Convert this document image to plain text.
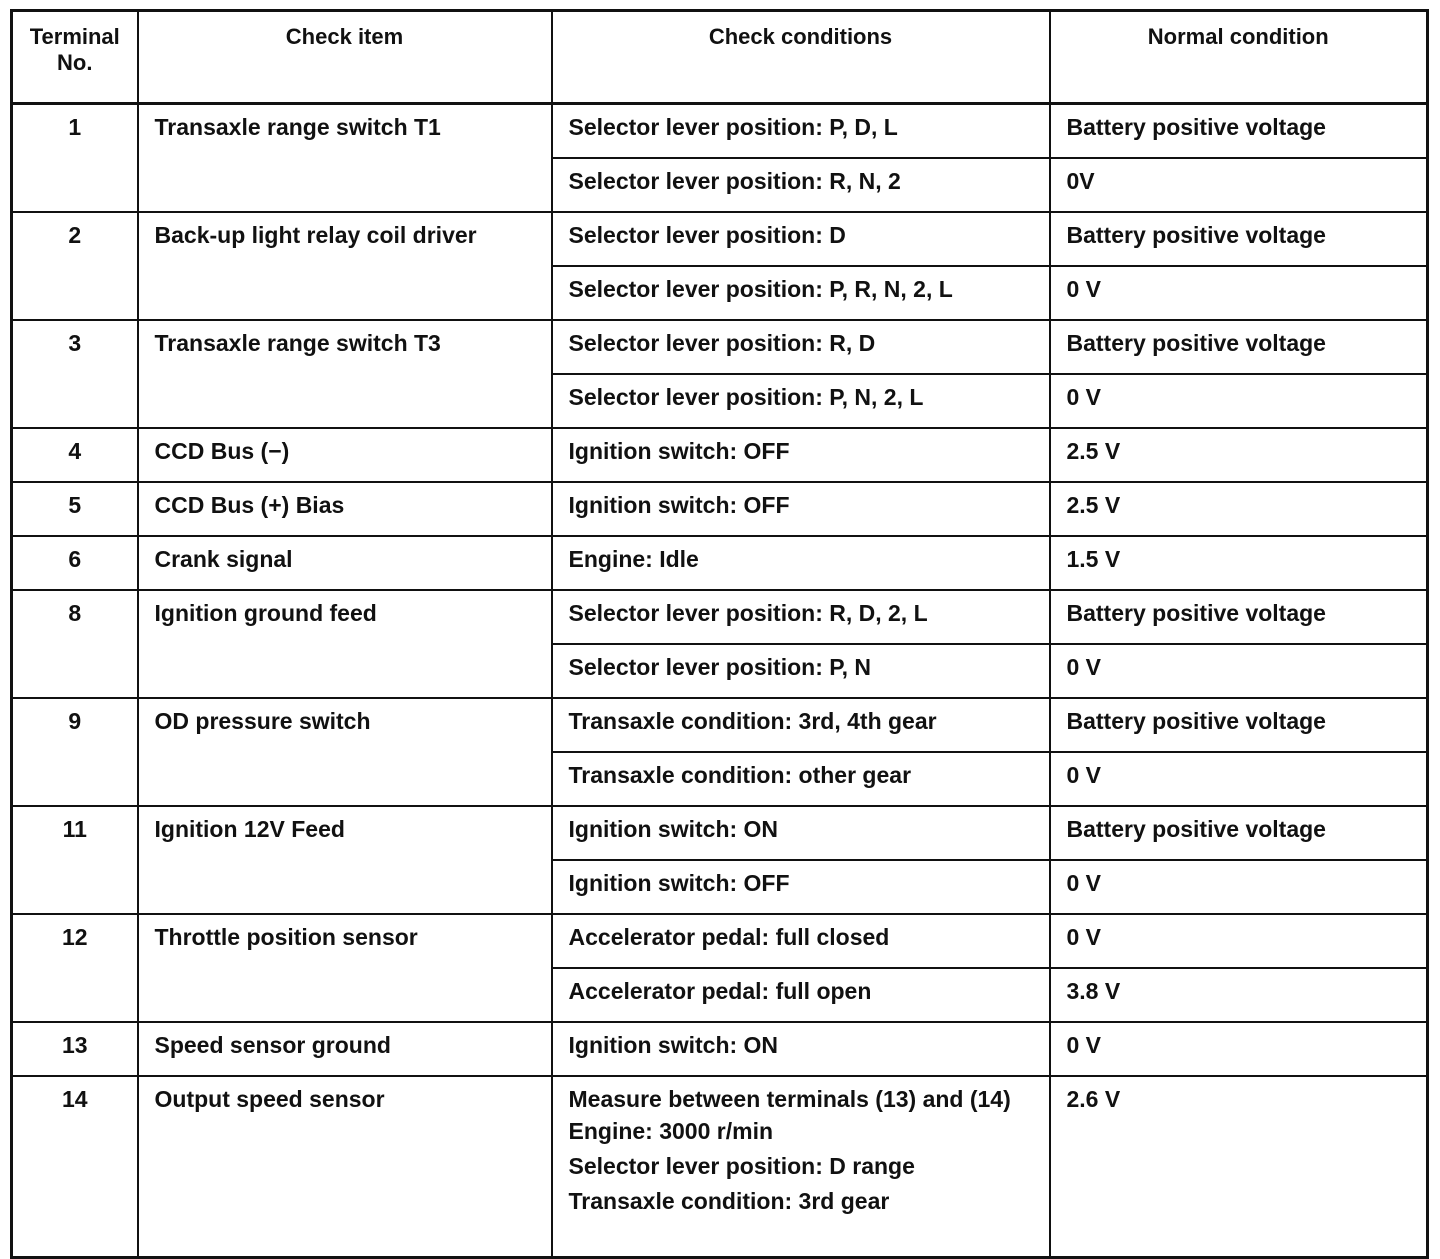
Terminal
No.	Check item	Check conditions	Normal condition
1	Transaxle range switch T1	Selector lever position: P, D, L	Battery positive voltage
		Selector lever position: R, N, 2	0V
2	Back-up light relay coil driver	Selector lever position: D	Battery positive voltage
		Selector lever position: P, R, N, 2, L	0 V
3	Transaxle range switch T3	Selector lever position: R, D	Battery positive voltage
		Selector lever position: P, N, 2, L	0 V
4	CCD Bus (−)	Ignition switch: OFF	2.5 V
5	CCD Bus (+) Bias	Ignition switch: OFF	2.5 V
6	Crank signal	Engine: Idle	1.5 V
8	Ignition ground feed	Selector lever position: R, D, 2, L	Battery positive voltage
		Selector lever position: P, N	0 V
9	OD pressure switch	Transaxle condition: 3rd, 4th gear	Battery positive voltage
		Transaxle condition: other gear	0 V
11	Ignition 12V Feed	Ignition switch: ON	Battery positive voltage
		Ignition switch: OFF	0 V
12	Throttle position sensor	Accelerator pedal: full closed	0 V
		Accelerator pedal: full open	3.8 V
13	Speed sensor ground	Ignition switch: ON	0 V
14	Output speed sensor	Measure between terminals (13) and (14)
Engine: 3000 r/min
Selector lever position: D range
Transaxle condition: 3rd gear	2.6 V
